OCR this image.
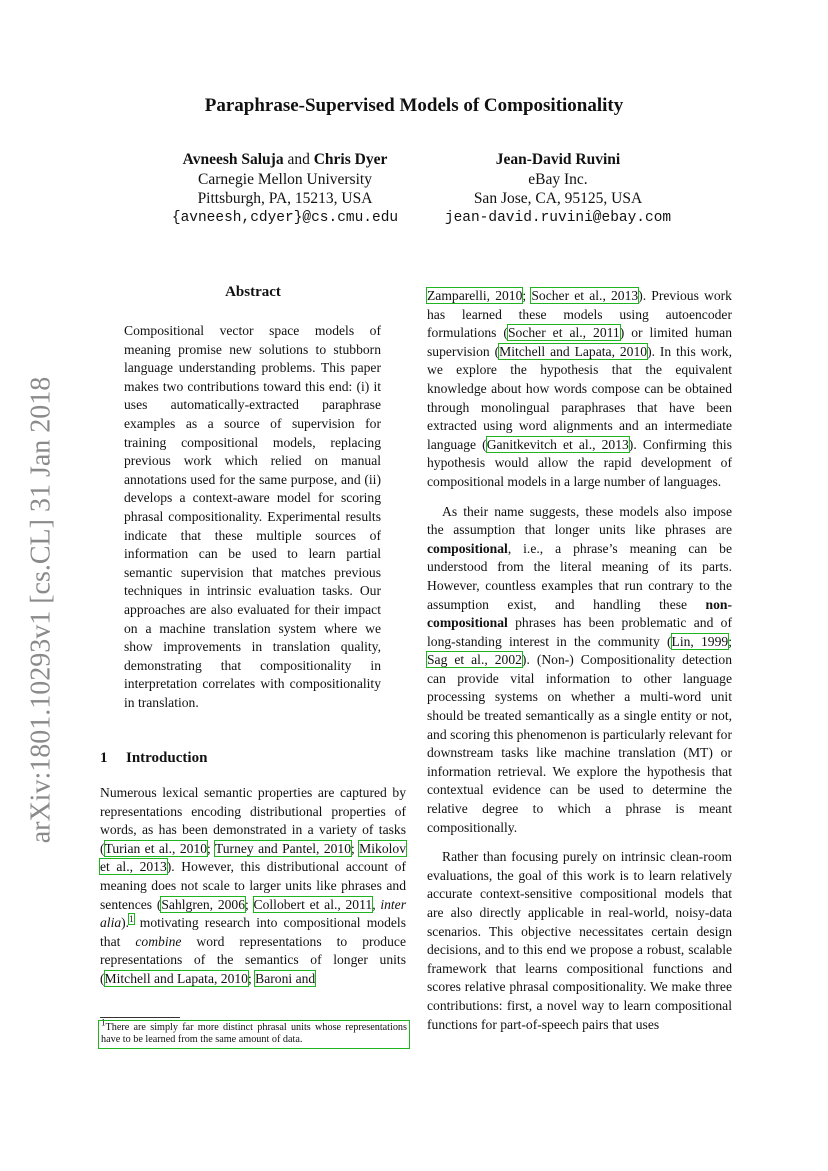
arXiv:1801.10293v1 [cs.CL] 31 Jan 2018
Paraphrase-Supervised Models of Compositionality
Avneesh Saluja and Chris Dyer
Carnegie Mellon University
Pittsburgh, PA, 15213, USA
{avneesh,cdyer}@cs.cmu.edu
Jean-David Ruvini
eBay Inc.
San Jose, CA, 95125, USA
jean-david.ruvini@ebay.com
Abstract

Compositional vector space models of meaning promise new solutions to stubborn language understanding problems. This paper makes two contributions toward this end: (i) it uses automatically-extracted paraphrase examples as a source of supervision for training compositional models, replacing previous work which relied on manual annotations used for the same purpose, and (ii) develops a context-aware model for scoring phrasal compositionality. Experimental results indicate that these multiple sources of information can be used to learn partial semantic supervision that matches previous techniques in intrinsic evaluation tasks. Our approaches are also evaluated for their impact on a machine translation system where we show improvements in translation quality, demonstrating that compositionality in interpretation correlates with compositionality in translation.

1 Introduction

Numerous lexical semantic properties are captured by representations encoding distributional properties of words, as has been demonstrated in a variety of tasks (Turian et al., 2010; Turney and Pantel, 2010; Mikolov et al., 2013). However, this distributional account of meaning does not scale to larger units like phrases and sentences (Sahlgren, 2006; Collobert et al., 2011, inter alia).$^1$ motivating research into compositional models that combine word representations to produce representations of the semantics of longer units (Mitchell and Lapata, 2010; Baroni and

Zamparelli, 2010; Socher et al., 2013). Previous work has learned these models using autoencoder formulations (Socher et al., 2011) or limited human supervision (Mitchell and Lapata, 2010). In this work, we explore the hypothesis that the equivalent knowledge about how words compose can be obtained through monolingual paraphrases that have been extracted using word alignments and an intermediate language (Ganitkevitch et al., 2013). Confirming this hypothesis would allow the rapid development of compositional models in a large number of languages.

As their name suggests, these models also impose the assumption that longer units like phrases are compositional, i.e., a phrase’s meaning can be understood from the literal meaning of its parts. However, countless examples that run contrary to the assumption exist, and handling these non-compositional phrases has been problematic and of long-standing interest in the community (Lin, 1999; Sag et al., 2002). (Non-) Compositionality detection can provide vital information to other language processing systems on whether a multi-word unit should be treated semantically as a single entity or not, and scoring this phenomenon is particularly relevant for downstream tasks like machine translation (MT) or information retrieval. We explore the hypothesis that contextual evidence can be used to determine the relative degree to which a phrase is meant compositionally.

Rather than focusing purely on intrinsic clean-room evaluations, the goal of this work is to learn relatively accurate context-sensitive compositional models that are also directly applicable in real-world, noisy-data scenarios. This objective necessitates certain design decisions, and to this end we propose a robust, scalable framework that learns compositional functions and scores relative phrasal compositionality. We make three contributions: first, a novel way to learn compositional functions for part-of-speech pairs that uses

$^1$There are simply far more distinct phrasal units whose representations have to be learned from the same amount of data.
